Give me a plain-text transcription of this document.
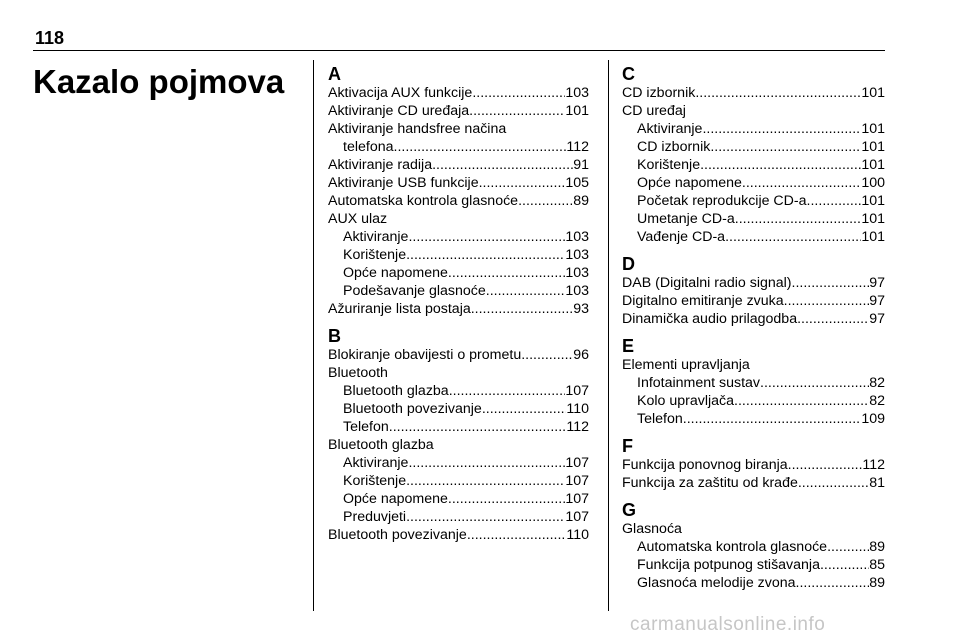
118
Kazalo pojmova A
Aktivacija AUX funkcije .....	103
Aktiviranje CD uređaja .....	101
Aktiviranje handsfree načina
telefona .....	112
Aktiviranje radija .....	91
Aktiviranje USB funkcije .....	105
Automatska kontrola glasnoće .....	89
AUX ulaz
Aktiviranje .....	103
Korištenje .....	103
Opće napomene .....	103
Podešavanje glasnoće .....	103
Ažuriranje lista postaja .....	93
B
Blokiranje obavijesti o prometu .....	96
Bluetooth
Bluetooth glazba .....	107
Bluetooth povezivanje .....	110
Telefon .....	112
Bluetooth glazba
Aktiviranje .....	107
Korištenje .....	107
Opće napomene .....	107
Preduvjeti .....	107
Bluetooth povezivanje .....	110
C
CD izbornik .....	101
CD uređaj
Aktiviranje .....	101
CD izbornik .....	101
Korištenje .....	101
Opće napomene .....	100
Početak reprodukcije CD-a .....	101
Umetanje CD-a .....	101
Vađenje CD-a .....	101
D
DAB (Digitalni radio signal) .....	97
Digitalno emitiranje zvuka .....	97
Dinamička audio prilagodba .....	97
E
Elementi upravljanja
Infotainment sustav .....	82
Kolo upravljača .....	82
Telefon .....	109
F
Funkcija ponovnog biranja .....	112
Funkcija za zaštitu od krađe .....	81
G
Glasnoća
Automatska kontrola glasnoće .....	89
Funkcija potpunog stišavanja .....	85
Glasnoća melodije zvona .....	89
carmanualsonline.info
